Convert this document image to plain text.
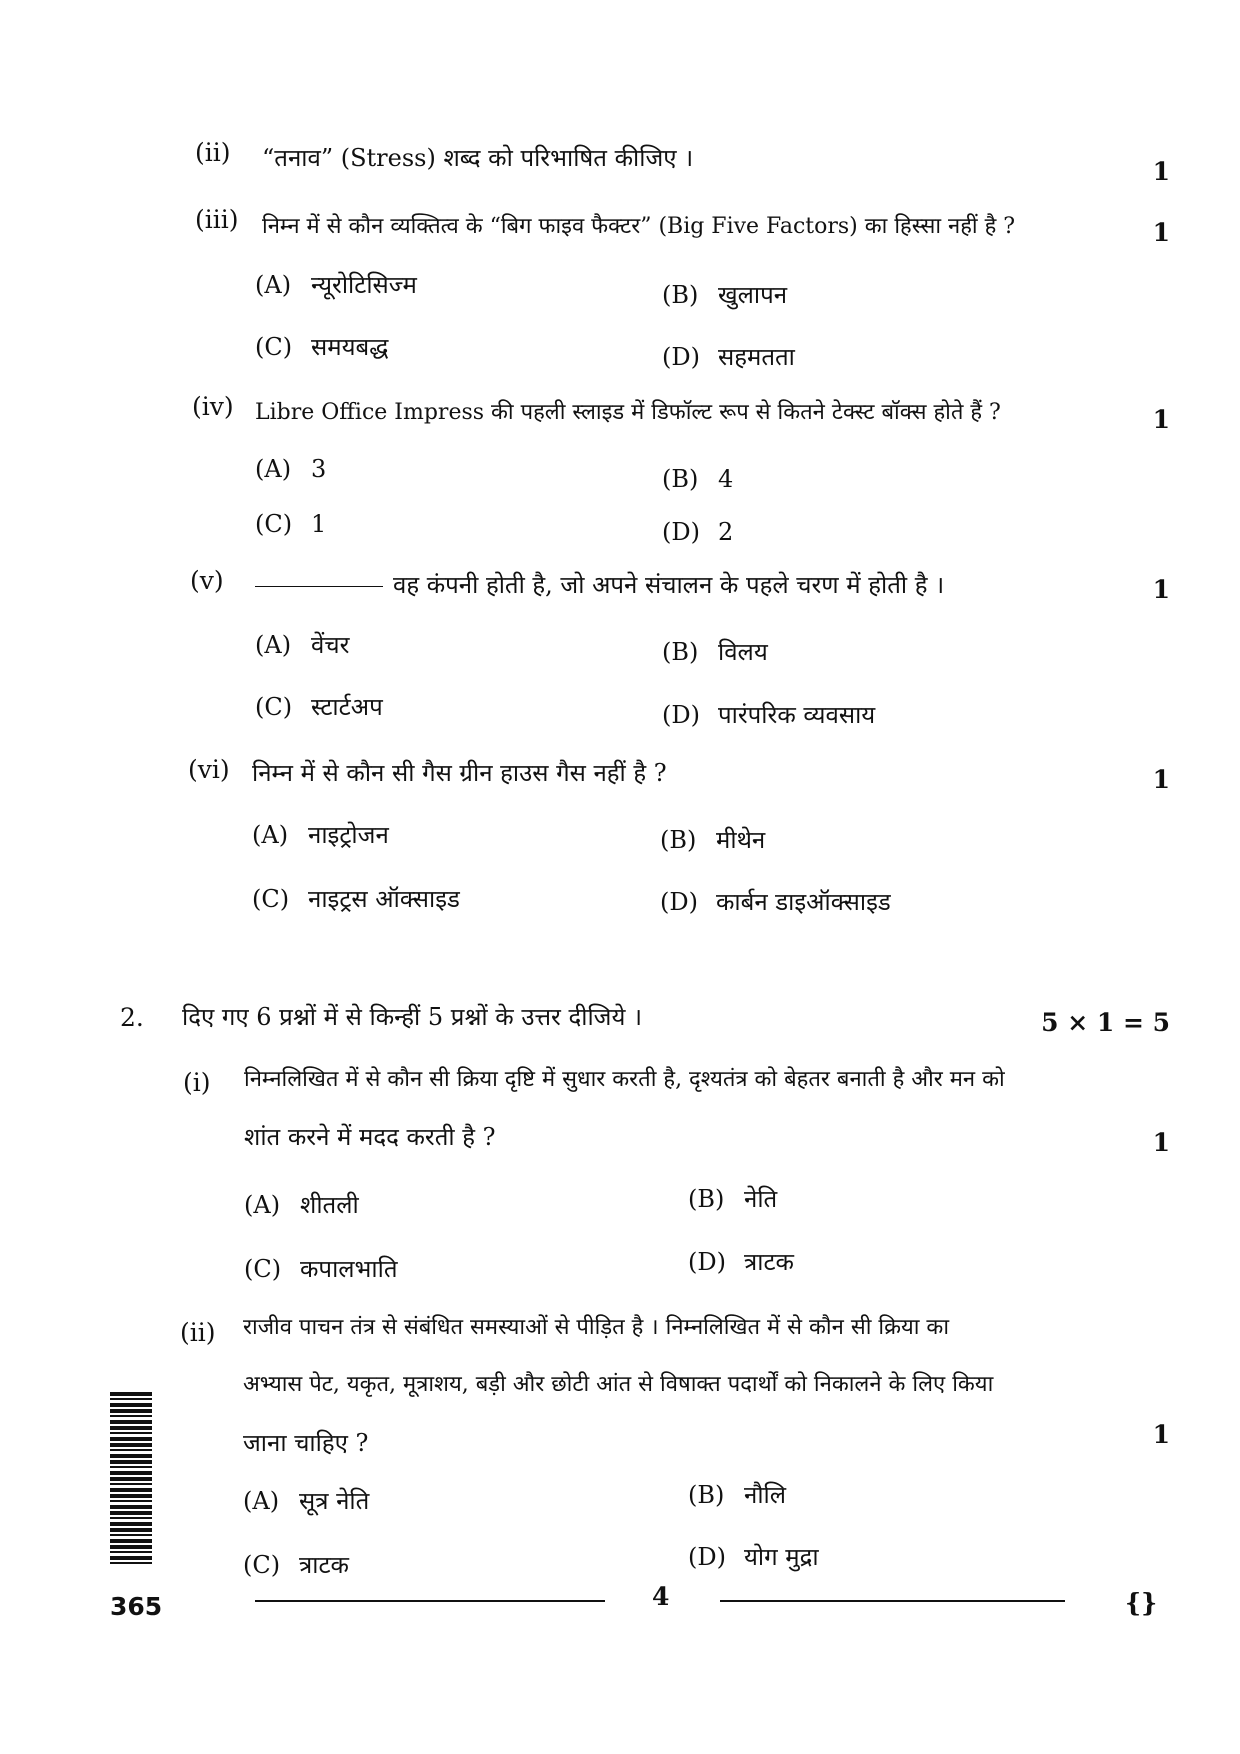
(ii) “तनाव” (Stress) शब्द को परिभाषित कीजिए ।	1
(iii) निम्न में से कौन व्यक्तित्व के “बिग फाइव फैक्टर” (Big Five Factors) का हिस्सा नहीं है ?	1
(A) न्यूरोटिसिज्म	(B) खुलापन
(C) समयबद्ध	(D) सहमतता
(iv) Libre Office Impress की पहली स्लाइड में डिफॉल्ट रूप से कितने टेक्स्ट बॉक्स होते हैं ?	1
(A) 3	(B) 4
(C) 1	(D) 2
(v)	वह कंपनी होती है, जो अपने संचालन के पहले चरण में होती है ।	1
(A) वेंचर	(B) विलय
(C) स्टार्टअप	(D) पारंपरिक व्यवसाय
(vi) निम्न में से कौन सी गैस ग्रीन हाउस गैस नहीं है ?	1
(A) नाइट्रोजन	(B) मीथेन
(C) नाइट्रस ऑक्साइड	(D) कार्बन डाइऑक्साइड
2. दिए गए 6 प्रश्नों में से किन्हीं 5 प्रश्नों के उत्तर दीजिये ।	5 × 1 = 5
(i) निम्नलिखित में से कौन सी क्रिया दृष्टि में सुधार करती है, दृश्यतंत्र को बेहतर बनाती है और मन को
शांत करने में मदद करती है ?	1
(A) शीतली	(B) नेति
(C) कपालभाति	(D) त्राटक
(ii) राजीव पाचन तंत्र से संबंधित समस्याओं से पीड़ित है । निम्नलिखित में से कौन सी क्रिया का
अभ्यास पेट, यकृत, मूत्राशय, बड़ी और छोटी आंत से विषाक्त पदार्थों को निकालने के लिए किया
जाना चाहिए ?	1
(A) सूत्र नेति	(B) नौलि
(C) त्राटक	(D) योग मुद्रा
365	4	{}
